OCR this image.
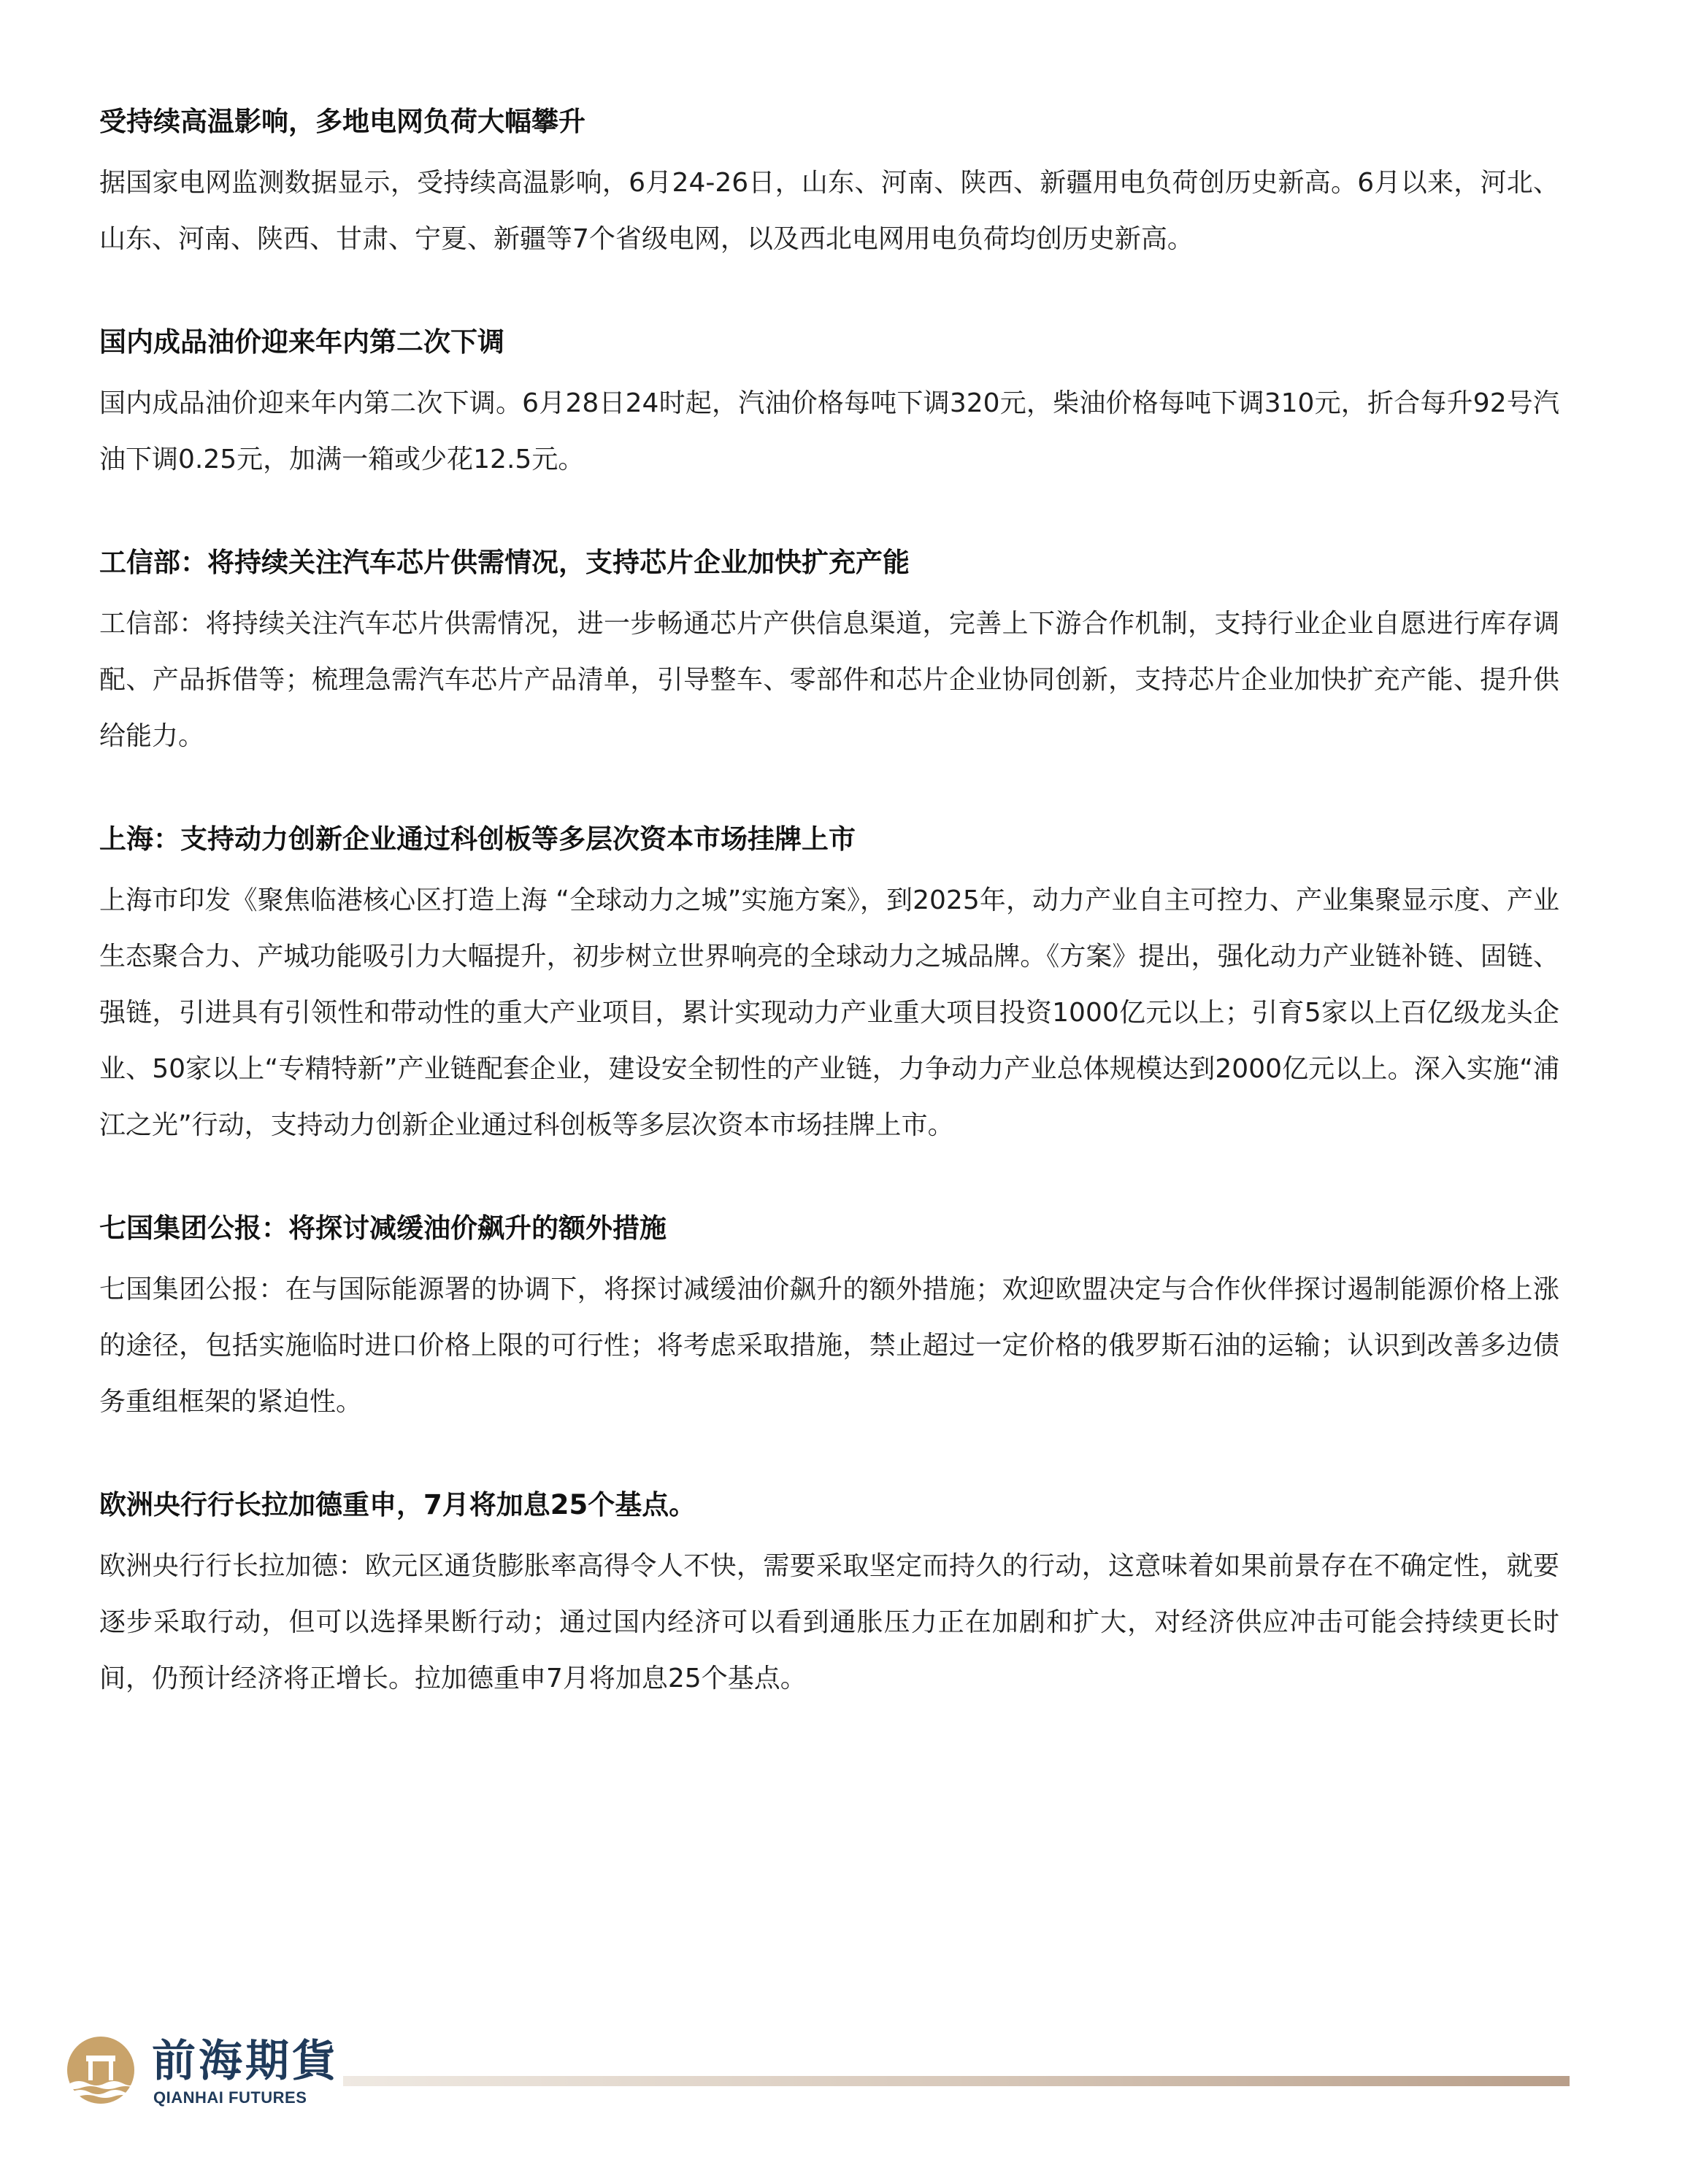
受持续高温影响，多地电网负荷大幅攀升

据国家电网监测数据显示，受持续高温影响，6月24-26日，山东、河南、陕西、新疆用电负荷创历史新高。6月以来，河北、山东、河南、陕西、甘肃、宁夏、新疆等7个省级电网，以及西北电网用电负荷均创历史新高。

国内成品油价迎来年内第二次下调

国内成品油价迎来年内第二次下调。6月28日24时起，汽油价格每吨下调320元，柴油价格每吨下调310元，折合每升92号汽油下调0.25元，加满一箱或少花12.5元。

工信部：将持续关注汽车芯片供需情况，支持芯片企业加快扩充产能

工信部：将持续关注汽车芯片供需情况，进一步畅通芯片产供信息渠道，完善上下游合作机制，支持行业企业自愿进行库存调配、产品拆借等；梳理急需汽车芯片产品清单，引导整车、零部件和芯片企业协同创新，支持芯片企业加快扩充产能、提升供给能力。

上海：支持动力创新企业通过科创板等多层次资本市场挂牌上市

上海市印发《聚焦临港核心区打造上海 “全球动力之城”实施方案》，到2025年，动力产业自主可控力、产业集聚显示度、产业生态聚合力、产城功能吸引力大幅提升，初步树立世界响亮的全球动力之城品牌。《方案》提出，强化动力产业链补链、固链、强链，引进具有引领性和带动性的重大产业项目，累计实现动力产业重大项目投资1000亿元以上；引育5家以上百亿级龙头企业、50家以上“专精特新”产业链配套企业，建设安全韧性的产业链，力争动力产业总体规模达到2000亿元以上。深入实施“浦江之光”行动，支持动力创新企业通过科创板等多层次资本市场挂牌上市。

七国集团公报：将探讨减缓油价飙升的额外措施

七国集团公报：在与国际能源署的协调下，将探讨减缓油价飙升的额外措施；欢迎欧盟决定与合作伙伴探讨遏制能源价格上涨的途径，包括实施临时进口价格上限的可行性；将考虑采取措施，禁止超过一定价格的俄罗斯石油的运输；认识到改善多边债务重组框架的紧迫性。

欧洲央行行长拉加德重申，7月将加息25个基点。

欧洲央行行长拉加德：欧元区通货膨胀率高得令人不快，需要采取坚定而持久的行动，这意味着如果前景存在不确定性，就要逐步采取行动，但可以选择果断行动；通过国内经济可以看到通胀压力正在加剧和扩大，对经济供应冲击可能会持续更长时间，仍预计经济将正增长。拉加德重申7月将加息25个基点。

前海期貨
QIANHAI FUTURES
